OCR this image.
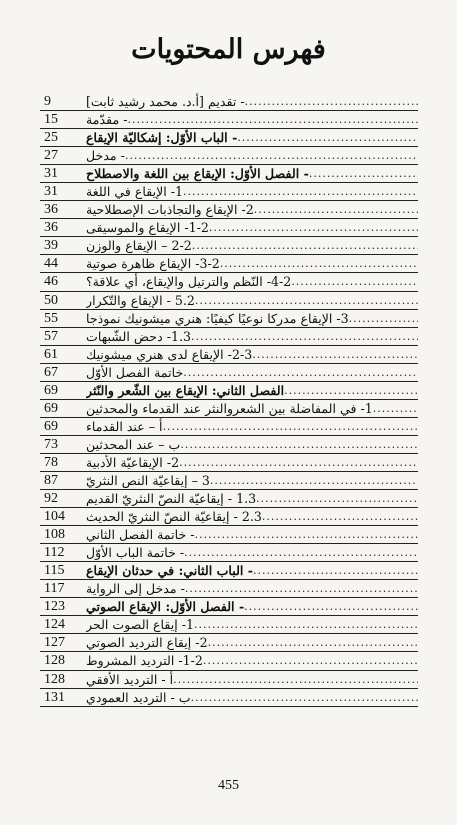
فهرس المحتويات
9	- تقديم [أ.د. محمد رشيد ثابت]
.....
15	- مقدّمة
.....
25	- الباب الأوّل: إشكاليّة الإيقاع
.....
27	- مدخل
.....
31	- الفصل الأوّل: الإيقاع بين اللغة والاصطلاح
.....
31	1- الإيقاع في اللغة
.....
36	2- الإيقاع والتجاذبات الإصطلاحية
.....
36	1-2- الإيقاع والموسيقى
.....
39	2-2 – الإيقاع والوزن
.....
44	3-2- الإيقاع ظاهرة صوتية
.....
46	4-2- النّظم والترتيل والإيقاع، أي علاقة؟
.....
50	5.2 - الإيقاع والتّكرار
.....
55	3- الإيقاع مدركا نوعيًا كيفيًا: هنري ميشونيك نموذجا
.....
57	1.3- دحض الشّبهات
.....
61	2-3- الإيقاع لدى هنري ميشونيك
.....
67	خاتمة الفصل الأوّل
.....
69	الفصل الثاني: الإيقاع بين الشّعر والنّثر
.....
69	1- في المفاضلة بين الشعروالنثر عند القدماء والمحدثين
.....
69	أ – عند القدماء
.....
73	ب – عند المحدثين
.....
78	2- الإيقاعيّة الأدبية
.....
87	3 – إيقاعيّة النص النثريّ
.....
92	1.3 - إيقاعيّة النصّ النثريّ القديم
.....
104	2.3 - إيقاعيّة النصّ النثريّ الحديث
.....
108	- خاتمة الفصل الثاني
.....
112	- خاتمة الباب الأوّل
.....
115	- الباب الثاني: في حدثان الإيقاع
.....
117	- مدخل إلى الرواية
.....
123	- الفصل الأوّل: الإيقاع الصوتي
.....
124	1- إيقاع الصوت الحر
.....
127	2- إيقاع الترديد الصوتي
.....
128	1-2- الترديد المشروط
.....
128	أ - الترديد الأفقي
.....
131	ب - الترديد العمودي
.....
455
